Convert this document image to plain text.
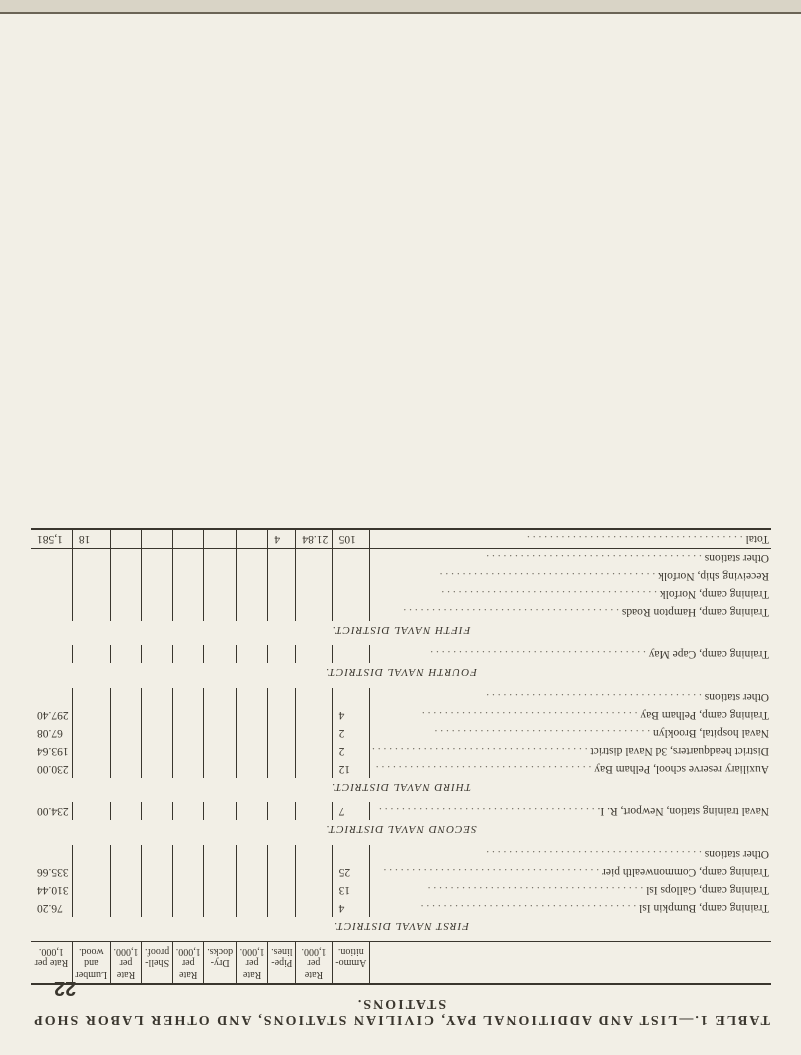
22
TABLE 1.—LIST AND ADDITIONAL PAY, CIVILIAN STATIONS, AND OTHER LABOR SHOP STATIONS.
	Ammo-nition.	Rate per 1,000.	Pipe-lines.	Rate per 1,000.	Dry-docks.	Rate per 1,000.	Shell-proof.	Rate per 1,000.	Lumber and wood.	Rate per 1,000.
FIRST NAVAL DISTRICT.										
Training camp, Bumpkin Isl . . . . . . . . . . . . . . . . . . . . . . . . . . . . . . . . . . . . . .	4									76.20
Training camp, Gallops Isl . . . . . . . . . . . . . . . . . . . . . . . . . . . . . . . . . . . . . .	13									310.44
Training camp, Commonwealth pier . . . . . . . . . . . . . . . . . . . . . . . . . . . . . . . . . . . . . .	25									335.66
Other stations . . . . . . . . . . . . . . . . . . . . . . . . . . . . . . . . . . . . . .										
SECOND NAVAL DISTRICT.										
Naval training station, Newport, R. I. . . . . . . . . . . . . . . . . . . . . . . . . . . . . . . . . . . . . . .	7									234.00
THIRD NAVAL DISTRICT.										
Auxiliary reserve school, Pelham Bay . . . . . . . . . . . . . . . . . . . . . . . . . . . . . . . . . . . . . .	12									230.00
District headquarters, 3d Naval district . . . . . . . . . . . . . . . . . . . . . . . . . . . . . . . . . . . . . .	2									193.64
Naval hospital, Brooklyn . . . . . . . . . . . . . . . . . . . . . . . . . . . . . . . . . . . . . .	2									67.08
Training camp, Pelham Bay . . . . . . . . . . . . . . . . . . . . . . . . . . . . . . . . . . . . . .	4									297.40
Other stations . . . . . . . . . . . . . . . . . . . . . . . . . . . . . . . . . . . . . .										
FOURTH NAVAL DISTRICT.										
Training camp, Cape May . . . . . . . . . . . . . . . . . . . . . . . . . . . . . . . . . . . . . .										
FIFTH NAVAL DISTRICT.										
Training camp, Hampton Roads . . . . . . . . . . . . . . . . . . . . . . . . . . . . . . . . . . . . . .										
Training camp, Norfolk . . . . . . . . . . . . . . . . . . . . . . . . . . . . . . . . . . . . . .										
Receiving ship, Norfolk . . . . . . . . . . . . . . . . . . . . . . . . . . . . . . . . . . . . . .										
Other stations . . . . . . . . . . . . . . . . . . . . . . . . . . . . . . . . . . . . . .										
Total . . . . . . . . . . . . . . . . . . . . . . . . . . . . . . . . . . . . . .	105	21.84	4						18	1,581
